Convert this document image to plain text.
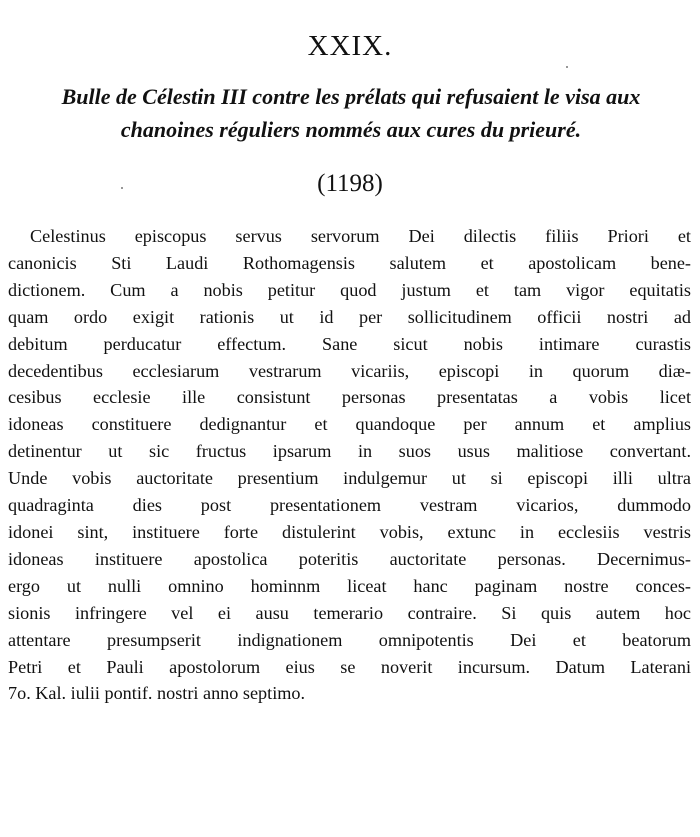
XXIX.
Bulle de Célestin III contre les prélats qui refusaient le visa aux
chanoines réguliers nommés aux cures du prieuré.
(1198)
Celestinus episcopus servus servorum Dei dilectis filiis Priori et
canonicis Sti Laudi Rothomagensis salutem et apostolicam bene-
dictionem. Cum a nobis petitur quod justum et tam vigor equitatis
quam ordo exigit rationis ut id per sollicitudinem officii nostri ad
debitum perducatur effectum. Sane sicut nobis intimare curastis
decedentibus ecclesiarum vestrarum vicariis, episcopi in quorum diæ-
cesibus ecclesie ille consistunt personas presentatas a vobis licet
idoneas constituere dedignantur et quandoque per annum et amplius
detinentur ut sic fructus ipsarum in suos usus malitiose convertant.
Unde vobis auctoritate presentium indulgemur ut si episcopi illi ultra
quadraginta dies post presentationem vestram vicarios, dummodo
idonei sint, instituere forte distulerint vobis, extunc in ecclesiis vestris
idoneas instituere apostolica poteritis auctoritate personas. Decernimus-
ergo ut nulli omnino hominnm liceat hanc paginam nostre conces-
sionis infringere vel ei ausu temerario contraire. Si quis autem hoc
attentare presumpserit indignationem omnipotentis Dei et beatorum
Petri et Pauli apostolorum eius se noverit incursum. Datum Laterani
7o. Kal. iulii pontif. nostri anno septimo.
